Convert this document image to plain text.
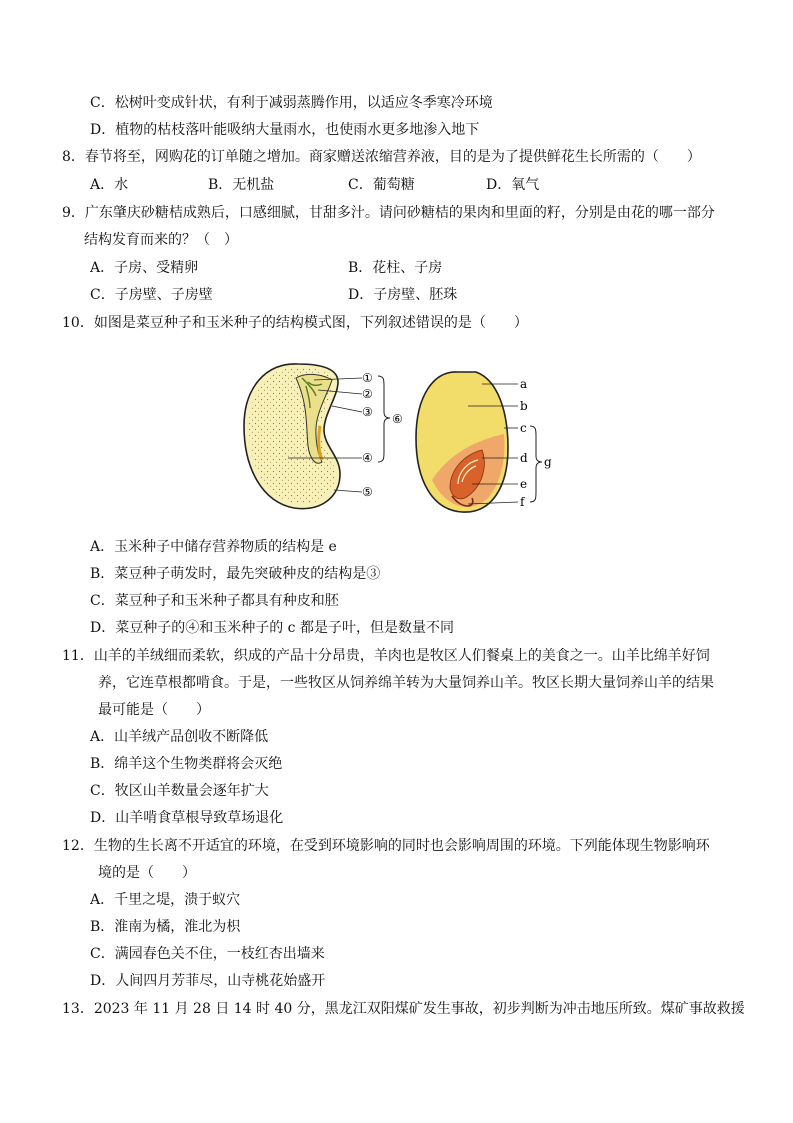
C．松树叶变成针状，有利于减弱蒸腾作用，以适应冬季寒冷环境
D．植物的枯枝落叶能吸纳大量雨水，也使雨水更多地渗入地下
8．春节将至，网购花的订单随之增加。商家赠送浓缩营养液，目的是为了提供鲜花生长所需的（　　）
A．水	B．无机盐	C．葡萄糖	D．氧气
9．广东肇庆砂糖桔成熟后，口感细腻，甘甜多汁。请问砂糖桔的果肉和里面的籽，分别是由花的哪一部分
结构发育而来的？（　）
A．子房、受精卵	B．花柱、子房
C．子房壁、子房壁	D．子房壁、胚珠
10．如图是菜豆种子和玉米种子的结构模式图，下列叙述错误的是（　　）
①
②
③
④
⑤
⑥
a
b
c
d
e
f
g
A．玉米种子中储存营养物质的结构是 e
B．菜豆种子萌发时，最先突破种皮的结构是③
C．菜豆种子和玉米种子都具有种皮和胚
D．菜豆种子的④和玉米种子的 c 都是子叶，但是数量不同
11．山羊的羊绒细而柔软，织成的产品十分昂贵，羊肉也是牧区人们餐桌上的美食之一。山羊比绵羊好饲
养，它连草根都啃食。于是，一些牧区从饲养绵羊转为大量饲养山羊。牧区长期大量饲养山羊的结果
最可能是（　　）
A．山羊绒产品创收不断降低
B．绵羊这个生物类群将会灭绝
C．牧区山羊数量会逐年扩大
D．山羊啃食草根导致草场退化
12．生物的生长离不开适宜的环境，在受到环境影响的同时也会影响周围的环境。下列能体现生物影响环
境的是（　　）
A．千里之堤，溃于蚁穴
B．淮南为橘，淮北为枳
C．满园春色关不住，一枝红杏出墙来
D．人间四月芳菲尽，山寺桃花始盛开
13．2023 年 11 月 28 日 14 时 40 分，黑龙江双阳煤矿发生事故，初步判断为冲击地压所致。煤矿事故救援
